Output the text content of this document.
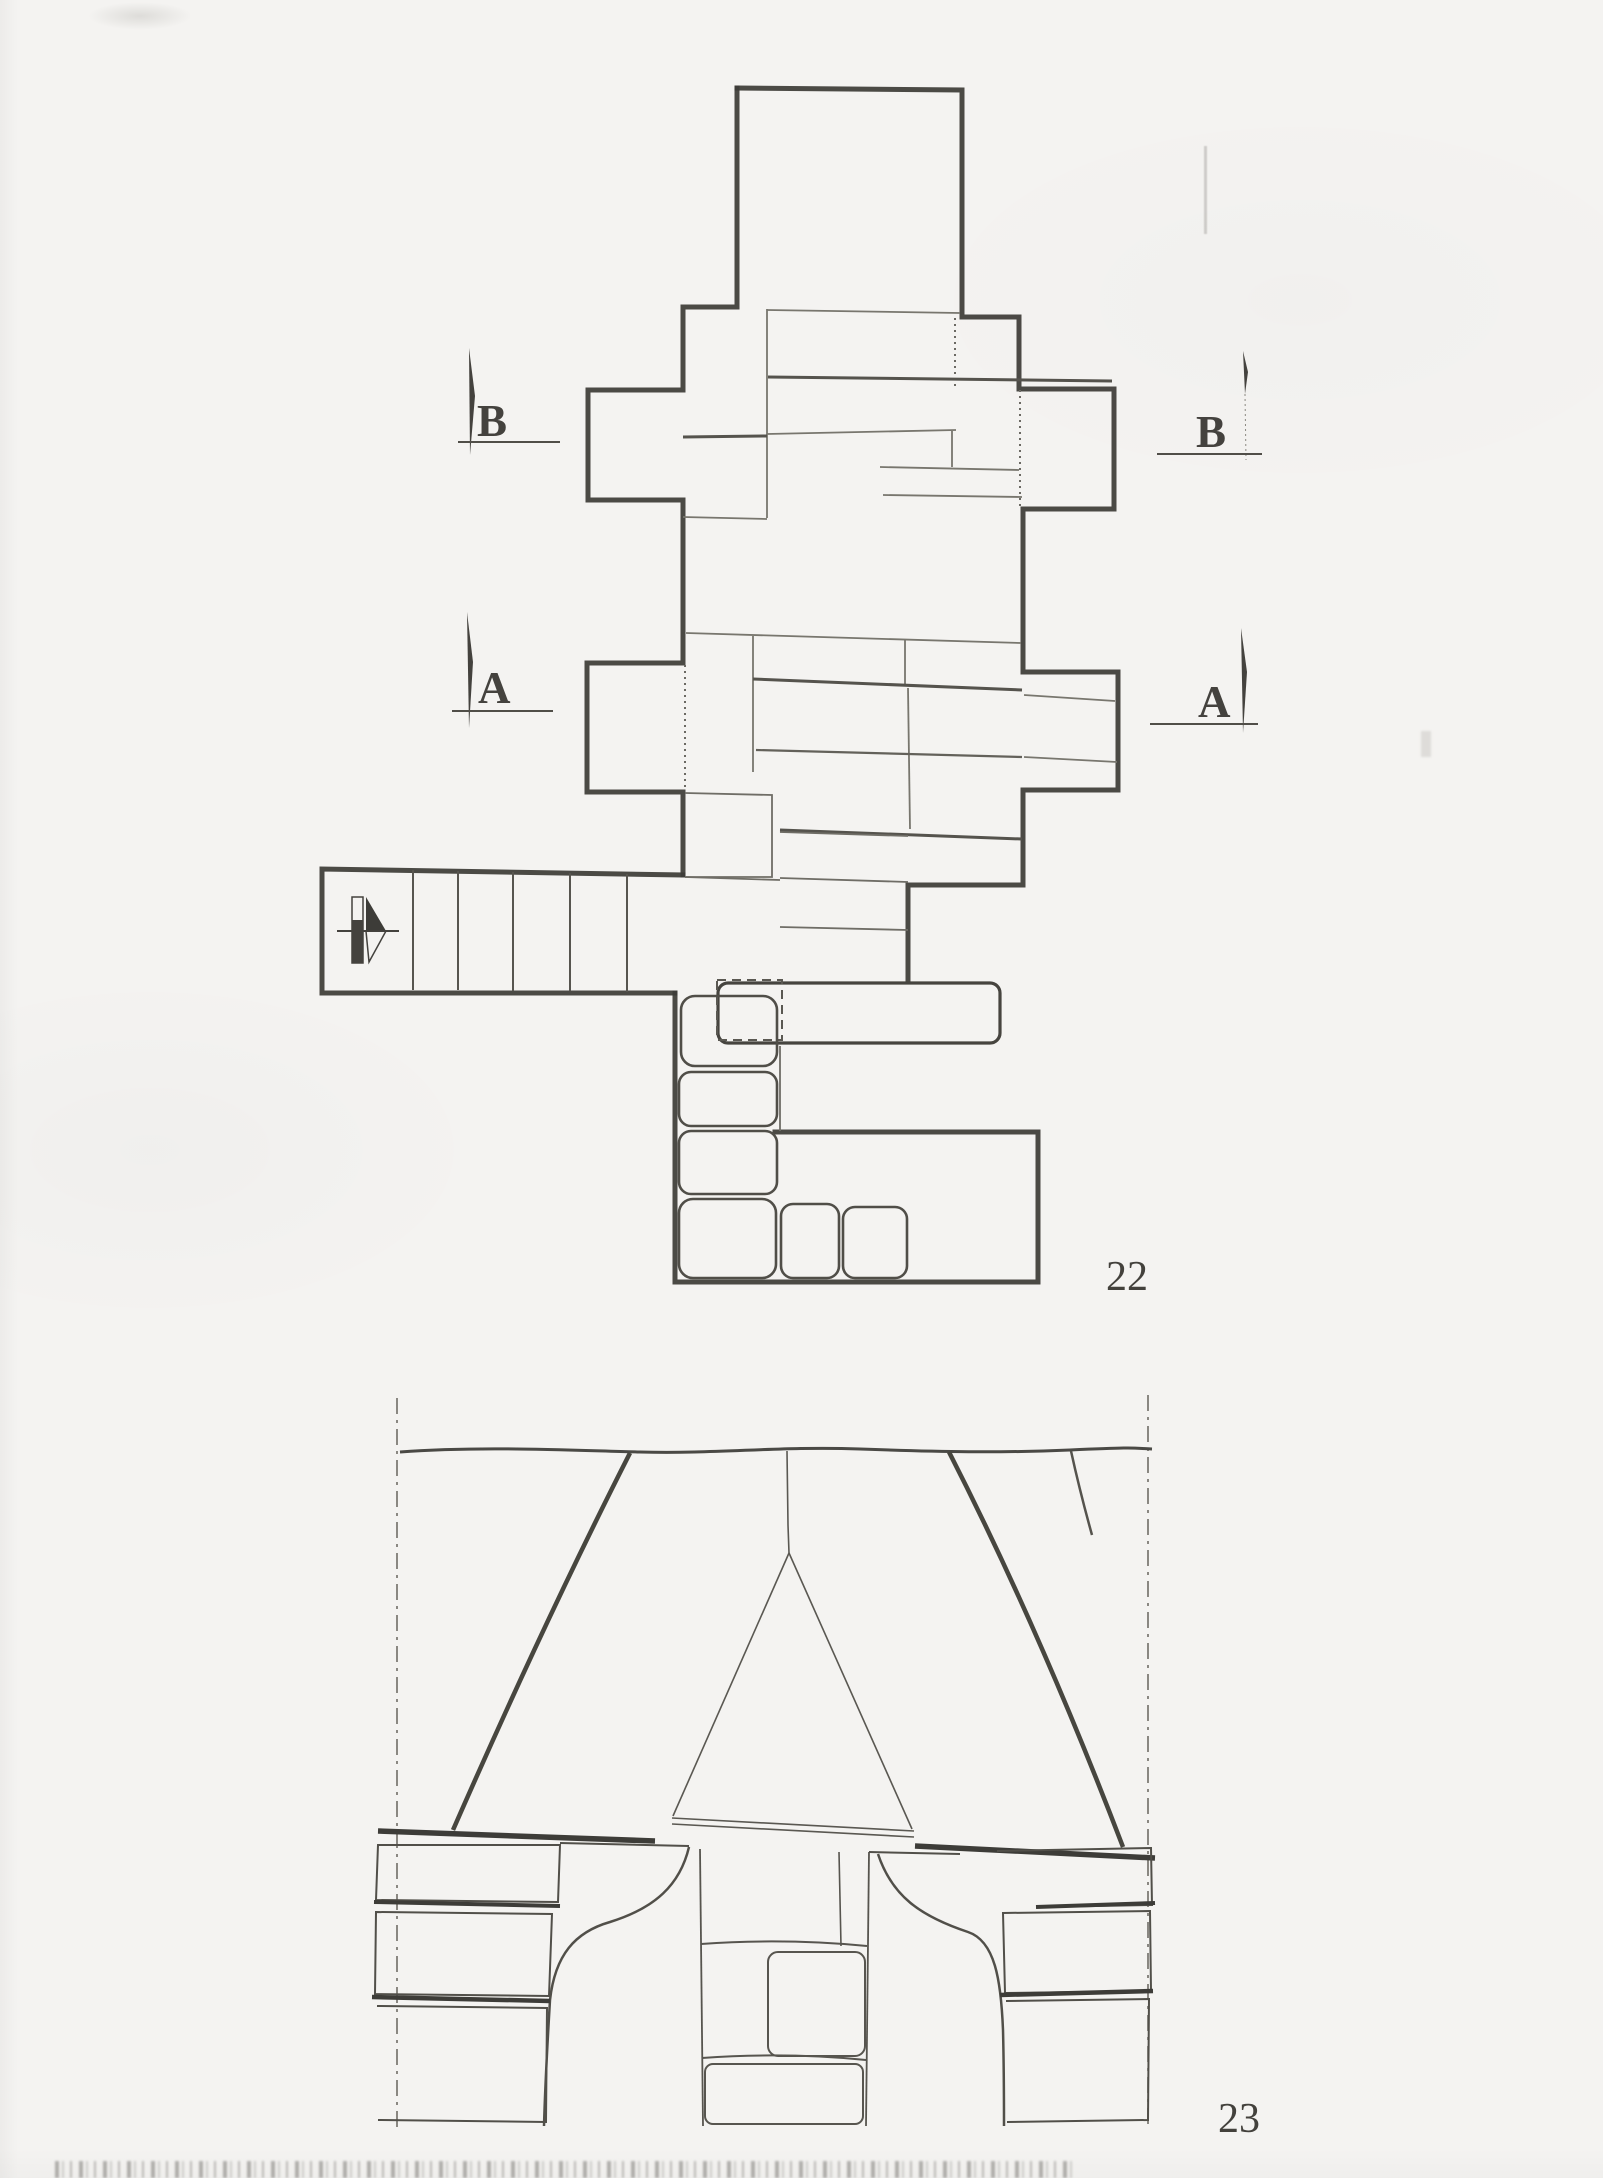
B	B
A	A
22
23
